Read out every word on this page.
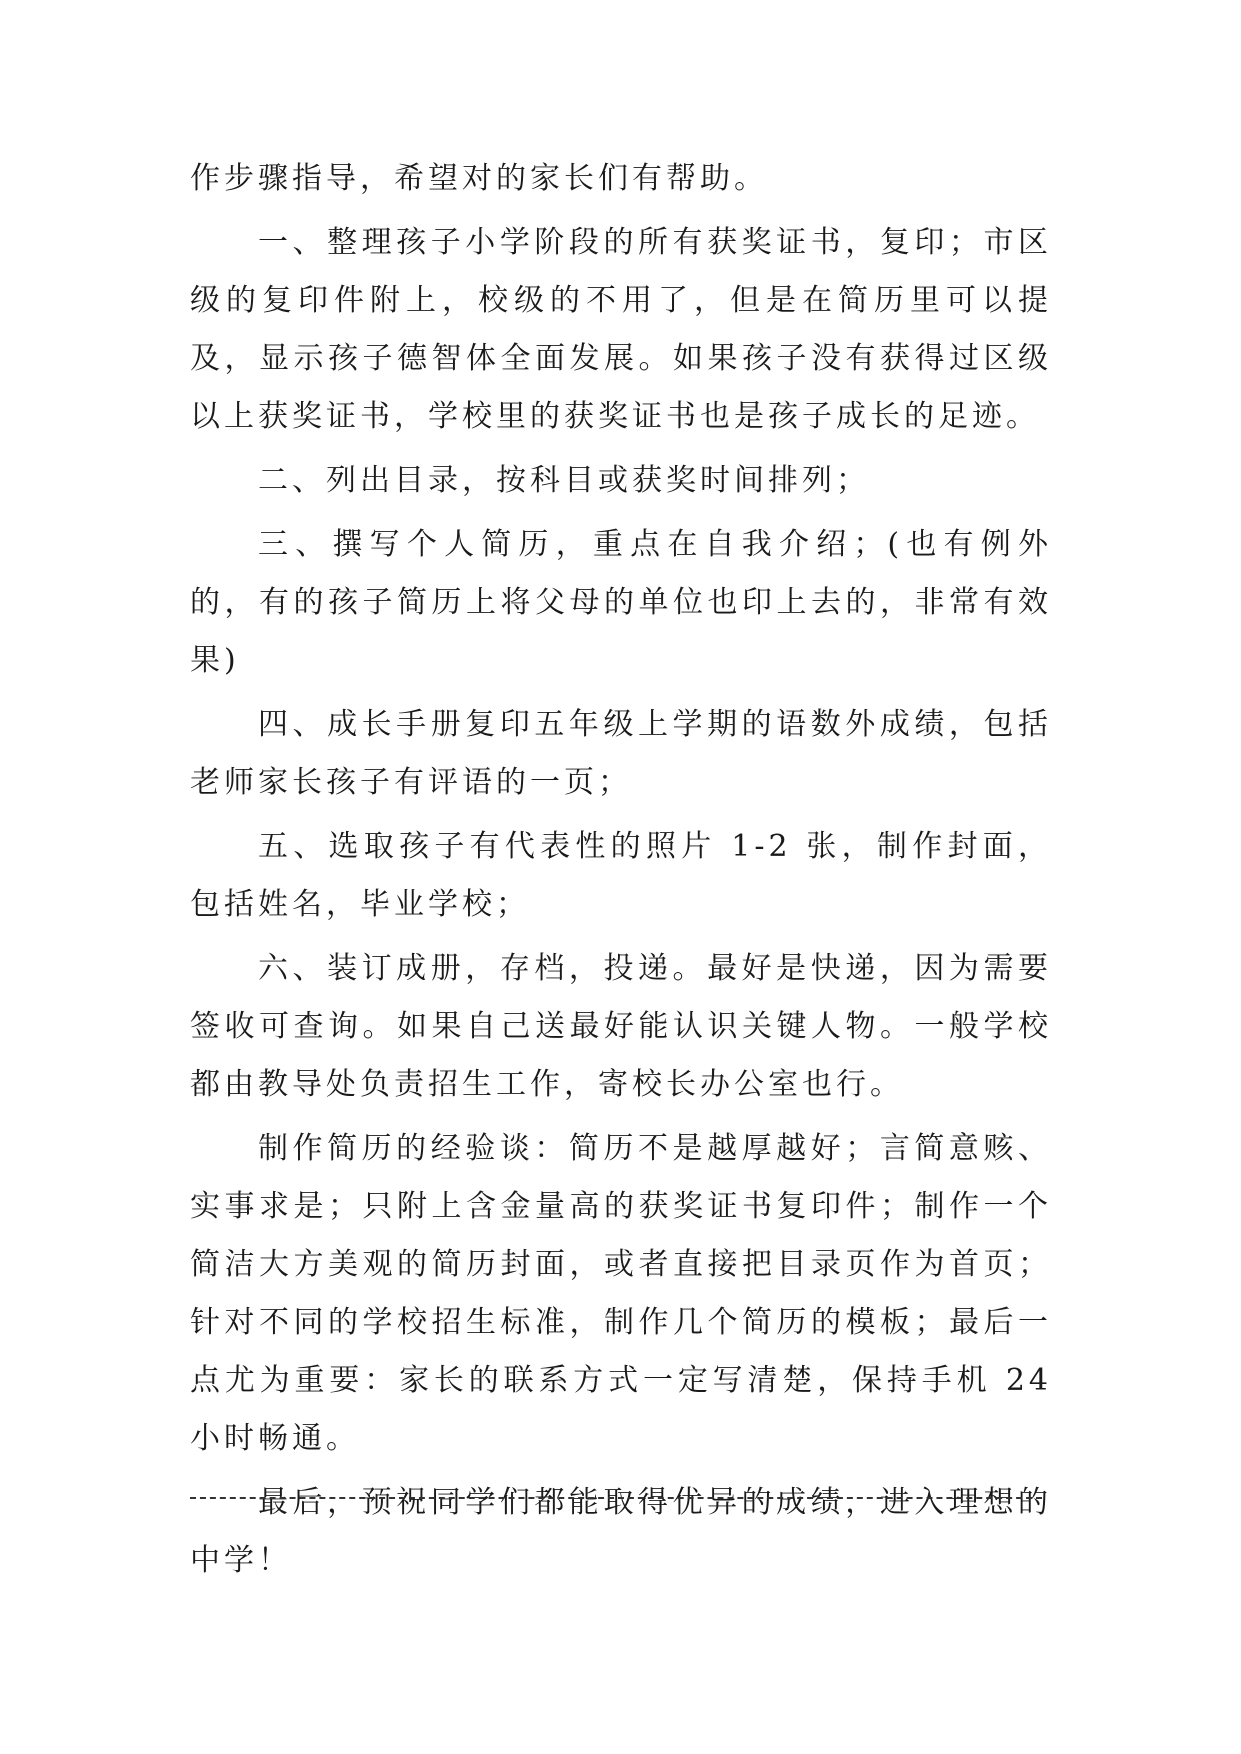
作步骤指导，希望对的家长们有帮助。

一、整理孩子小学阶段的所有获奖证书，复印；市区级的复印件附上，校级的不用了，但是在简历里可以提及，显示孩子德智体全面发展。如果孩子没有获得过区级以上获奖证书，学校里的获奖证书也是孩子成长的足迹。

二、列出目录，按科目或获奖时间排列；

三、撰写个人简历，重点在自我介绍；(也有例外的，有的孩子简历上将父母的单位也印上去的，非常有效果)

四、成长手册复印五年级上学期的语数外成绩，包括老师家长孩子有评语的一页；

五、选取孩子有代表性的照片 1-2 张，制作封面，包括姓名，毕业学校；

六、装订成册，存档，投递。最好是快递，因为需要签收可查询。如果自己送最好能认识关键人物。一般学校都由教导处负责招生工作，寄校长办公室也行。

制作简历的经验谈：简历不是越厚越好；言简意赅、实事求是；只附上含金量高的获奖证书复印件；制作一个简洁大方美观的简历封面，或者直接把目录页作为首页；针对不同的学校招生标准，制作几个简历的模板；最后一点尤为重要：家长的联系方式一定写清楚，保持手机 24 小时畅通。

最后，预祝同学们都能取得优异的成绩，进入理想的中学！
